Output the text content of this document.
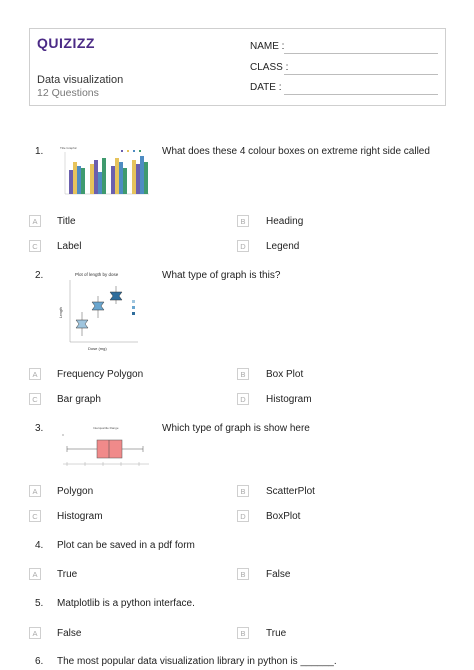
QUIZIZZ
Data visualization
12 Questions
NAME :
CLASS :
DATE :
1.	What does these 4 colour boxes on extreme right side called
Title Graphic
A	Title	B	Heading
C	Label	D	Legend
2.	What type of graph is this?
Plot of length by dose
Length
Dose (mg)
A	Frequency Polygon	B	Box Plot
C	Bar graph	D	Histogram
3.	Which type of graph is show here
Interquartile Range
A	Polygon	B	ScatterPlot
C	Histogram	D	BoxPlot
4. Plot can be saved in a pdf form
A	True	B	False
5. Matplotlib is a python interface.
A	False	B	True
6. The most popular data visualization library in python is ______.
